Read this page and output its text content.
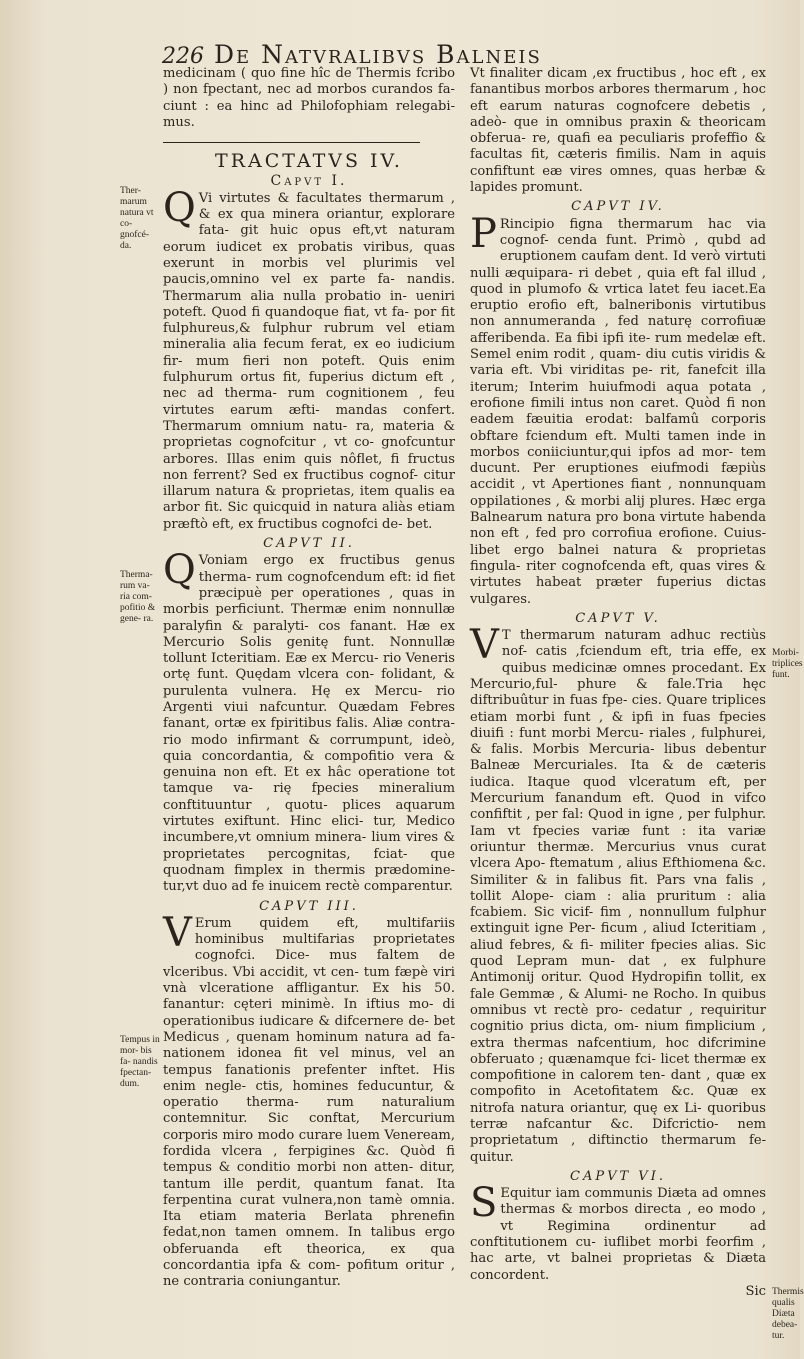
226 De Natvralibvs Balneis

medicinam ( quo fine hîc de Thermis fcribo ) non fpectant, nec ad morbos curandos fa- ciunt : ea hinc ad Philofophiam relegabi- mus.

TRACTATVS IV.
Capvt I.

Q Vi virtutes & facultates thermarum , & ex qua minera oriantur, explorare fata- git huic opus eft,vt naturam eorum iudicet ex probatis viribus, quas exerunt in morbis vel plurimis vel paucis,omnino vel ex parte fa- nandis. Thermarum alia nulla probatio in- ueniri poteft. Quod fi quandoque fiat, vt fa- por fit fulphureus,& fulphur rubrum vel etiam mineralia alia fecum ferat, ex eo iudicium fir- mum fieri non poteft. Quis enim fulphurum ortus fit, fuperius dictum eft , nec ad therma- rum cognitionem , feu virtutes earum æfti- mandas confert. Thermarum omnium natu- ra, materia & proprietas cognofcitur , vt co- gnofcuntur arbores. Illas enim quis nôflet, fi fructus non ferrent? Sed ex fructibus cognof- citur illarum natura & proprietas, item qualis ea arbor fit. Sic quicquid in natura aliàs etiam præftò eft, ex fructibus cognofci de- bet.

CAPVT II.

Q Voniam ergo ex fructibus genus therma- rum cognofcendum eft: id fiet præcipuè per operationes , quas in morbis perficiunt. Thermæ enim nonnullæ paralyfin & paralyti- cos fanant. Hæ ex Mercurio Solis genitę funt. Nonnullæ tollunt Icteritiam. Eæ ex Mercu- rio Veneris ortę funt. Quędam vlcera con- folidant, & purulenta vulnera. Hę ex Mercu- rio Argenti viui nafcuntur. Quædam Febres fanant, ortæ ex fpiritibus falis. Aliæ contra- rio modo infirmant & corrumpunt, ideò, quia concordantia, & compofitio vera & genuina non eft. Et ex hâc operatione tot tamque va- rię fpecies mineralium conftituuntur , quotu- plices aquarum virtutes exiftunt. Hinc elici- tur, Medico incumbere,vt omnium minera- lium vires & proprietates percognitas, fciat- que quodnam fimplex in thermis prædomine- tur,vt duo ad fe inuicem rectè comparentur.

CAPVT III.

V Erum quidem eft, multifariis hominibus multifarias proprietates cognofci. Dice- mus faltem de vlceribus. Vbi accidit, vt cen- tum fæpè viri vnà vlceratione affligantur. Ex his 50. fanantur: cęteri minimè. In iftius mo- di operationibus iudicare & difcernere de- bet Medicus , quenam hominum natura ad fa- nationem idonea fit vel minus, vel an tempus fanationis prefenter inftet. His enim negle- ctis, homines feducuntur, & operatio therma- rum naturalium contemnitur. Sic conftat, Mercurium corporis miro modo curare luem Veneream, fordida vlcera , ferpigines &c. Quòd fi tempus & conditio morbi non atten- ditur, tantum ille perdit, quantum fanat. Ita ferpentina curat vulnera,non tamè omnia. Ita etiam materia Berlata phrenefin fedat,non tamen omnem. In talibus ergo obferuanda eft theorica, ex qua concordantia ipfa & com- pofitum oritur , ne contraria coniungantur.

Vt finaliter dicam ,ex fructibus , hoc eft , ex fanantibus morbos arbores thermarum , hoc eft earum naturas cognofcere debetis , adeò- que in omnibus praxin & theoricam obferua- re, quafi ea peculiaris profeffio & facultas fit, cæteris fimilis. Nam in aquis confiftunt eæ vires omnes, quas herbæ & lapides promunt.

CAPVT IV.

P Rincipio figna thermarum hac via cognof- cenda funt. Primò , qubd ad eruptionem caufam dent. Id verò virtuti nulli æquipara- ri debet , quia eft fal illud , quod in plumofo & vrtica latet feu iacet.Ea eruptio erofio eft, balneribonis virtutibus non annumeranda , fed naturę corrofiuæ afferibenda. Ea fibi ipfi ite- rum medelæ eft. Semel enim rodit , quam- diu cutis viridis & varia eft. Vbi viriditas pe- rit, fanefcit illa iterum; Interim huiufmodi aqua potata , erofione fimili intus non caret. Quòd fi non eadem fæuitia erodat: balfamû corporis obftare fciendum eft. Multi tamen inde in morbos coniiciuntur,qui ipfos ad mor- tem ducunt. Per eruptiones eiufmodi fæpiùs accidit , vt Apertiones fiant , nonnunquam oppilationes , & morbi alij plures. Hæc erga Balnearum natura pro bona virtute habenda non eft , fed pro corrofiua erofione. Cuius- libet ergo balnei natura & proprietas fingula- riter cognofcenda eft, quas vires & virtutes habeat præter fuperius dictas vulgares.

CAPVT V.

V T thermarum naturam adhuc rectiùs nof- catis ,fciendum eft, tria effe, ex quibus medicinæ omnes procedant. Ex Mercurio,ful- phure & fale.Tria hęc diftribuûtur in fuas fpe- cies. Quare triplices etiam morbi funt , & ipfi in fuas fpecies diuifi : funt morbi Mercu- riales , fulphurei, & falis. Morbis Mercuria- libus debentur Balneæ Mercuriales. Ita & de cæteris iudica. Itaque quod vlceratum eft, per Mercurium fanandum eft. Quod in vifco confiftit , per fal: Quod in igne , per fulphur. Iam vt fpecies variæ funt : ita variæ oriuntur thermæ. Mercurius vnus curat vlcera Apo- ftematum , alius Efthiomena &c. Similiter & in falibus fit. Pars vna falis , tollit Alope- ciam : alia pruritum : alia fcabiem. Sic vicif- fim , nonnullum fulphur extinguit igne Per- ficum , aliud Icteritiam , aliud febres, & fi- militer fpecies alias. Sic quod Lepram mun- dat , ex fulphure Antimonij oritur. Quod Hydropifin tollit, ex fale Gemmæ , & Alumi- ne Rocho. In quibus omnibus vt rectè pro- cedatur , requiritur cognitio prius dicta, om- nium fimplicium , extra thermas nafcentium, hoc difcrimine obferuato ; quænamque fci- licet thermæ ex compofitione in calorem ten- dant , quæ ex compofito in Acetofitatem &c. Quæ ex nitrofa natura oriantur, quę ex Li- quoribus terræ nafcantur &c. Difcrictio- nem proprietatum , diftinctio thermarum fe- quitur.

CAPVT VI.

S Equitur iam communis Diæta ad omnes thermas & morbos directa , eo modo , vt Regimina ordinentur ad conftitutionem cu- iuflibet morbi feorfim , hac arte, vt balnei proprietas & Diæta concordent.

Sic

Ther- marum natura vt co- gnofcé- da.
Therma- rum va- ria com- pofitio & gene- ra.
Tempus in mor- bis fa- nandis fpectan- dum.
Morbi- triplices funt.
Thermis qualis Diæta debea- tur.
